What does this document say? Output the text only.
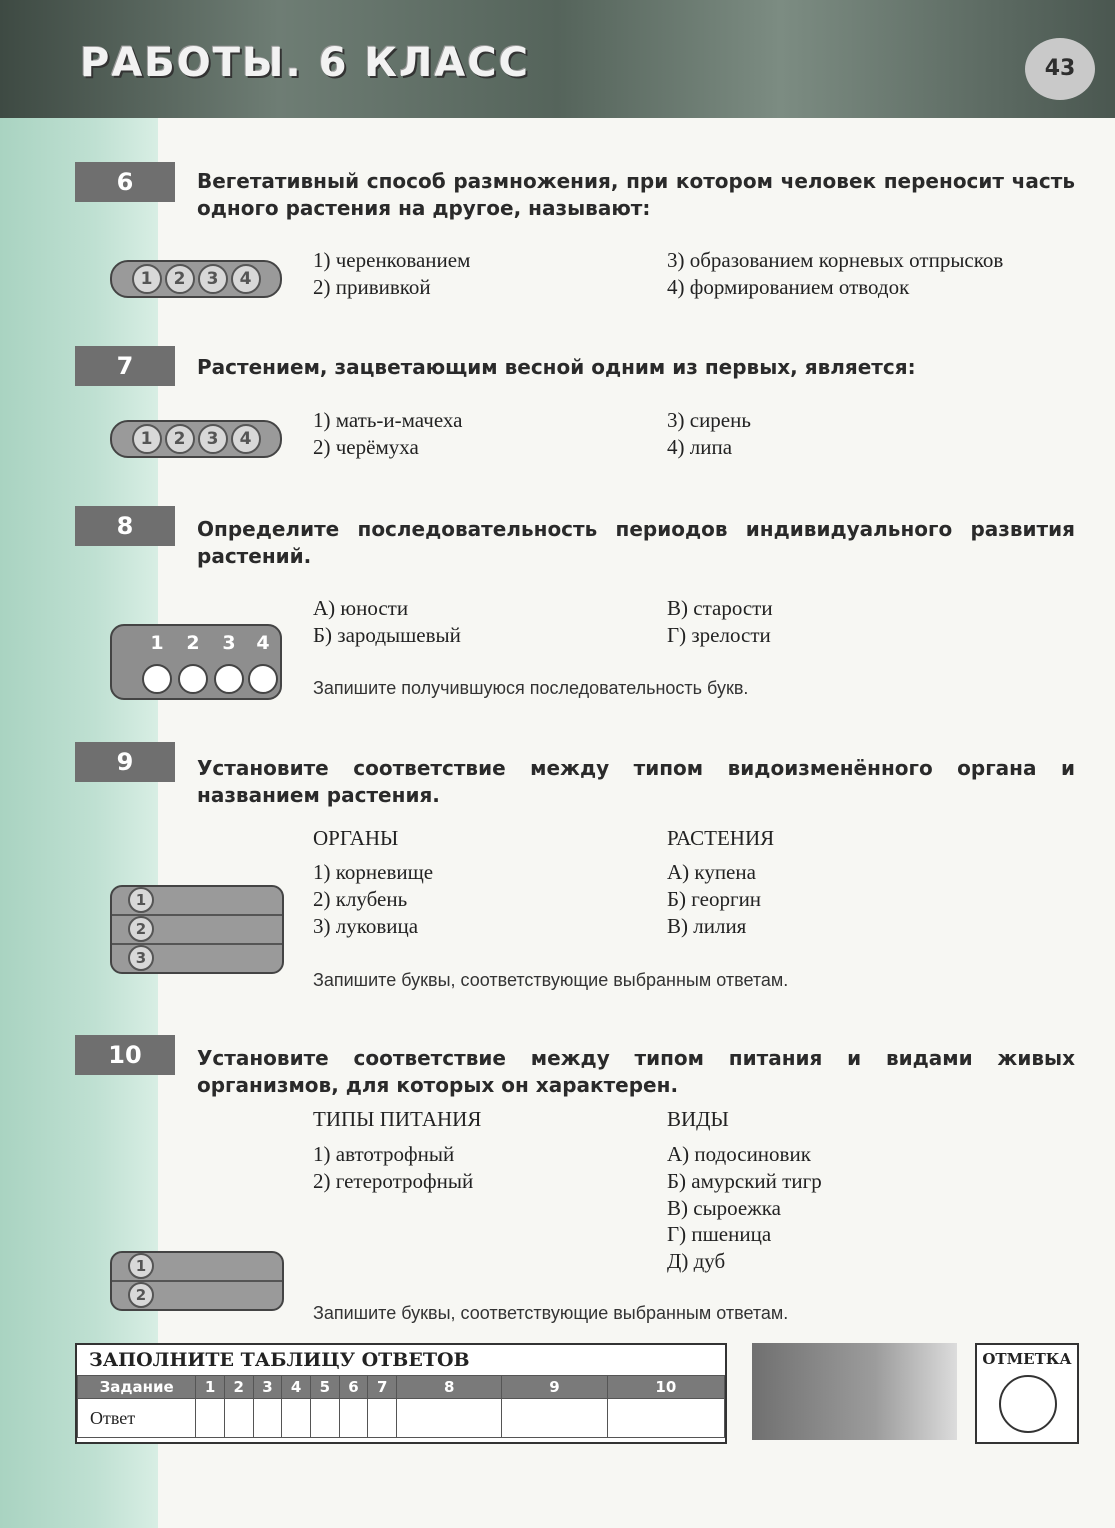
РАБОТЫ. 6 КЛАСС	43
6	Вегетативный способ размножения, при котором человек переносит часть одного растения на другое, называют:
1	2	3	4
1) черенкованием
2) прививкой
3) образованием корневых отпрысков
4) формированием отводок
7	Растением, зацветающим весной одним из первых, является:
1	2	3	4
1) мать-и-мачеха
2) черёмуха
3) сирень
4) липа
8	Определите последовательность периодов индивидуального развития растений.
А) юности
Б) зародышевый
В) старости
Г) зрелости
1	2	3	4
Запишите получившуюся последовательность букв.
9	Установите соответствие между типом видоизменённого органа и названием растения.
ОРГАНЫ	РАСТЕНИЯ
1) корневище
2) клубень
3) луковица
А) купена
Б) георгин
В) лилия
1
2
3
Запишите буквы, соответствующие выбранным ответам.
10	Установите соответствие между типом питания и видами живых организмов, для которых он характерен.
ТИПЫ ПИТАНИЯ	ВИДЫ
1) автотрофный
2) гетеротрофный
А) подосиновик
Б) амурский тигр
В) сыроежка
Г) пшеница
Д) дуб
1
2
Запишите буквы, соответствующие выбранным ответам.
ЗАПОЛНИТЕ ТАБЛИЦУ ОТВЕТОВ
Задание	1	2	3	4	5	6	7	8	9	10
Ответ										
ОТМЕТКА
